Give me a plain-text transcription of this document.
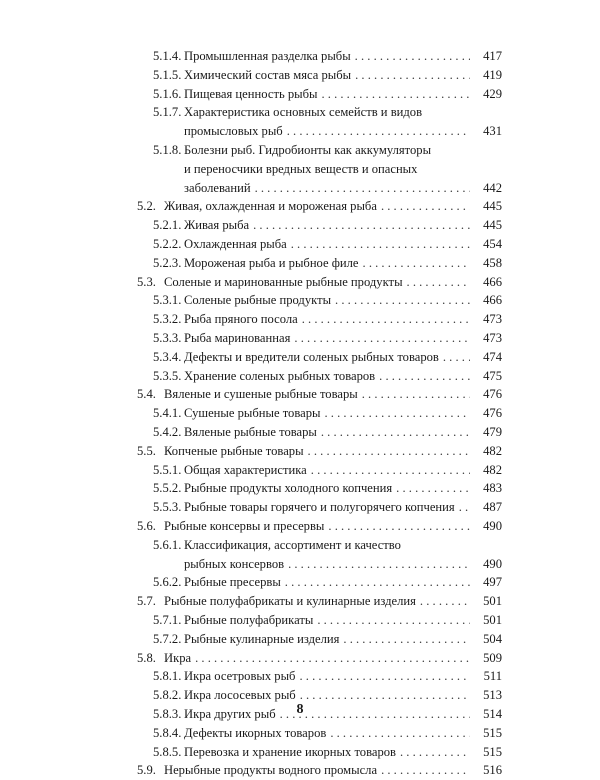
5.1.4. Промышленная разделка рыбы . . .	417
5.1.5. Химический состав мяса рыбы . . .	419
5.1.6. Пищевая ценность рыбы . . .	429
5.1.7. Характеристика основных семейств и видов
промысловых рыб . . .	431
5.1.8. Болезни рыб. Гидробионты как аккумуляторы
и переносчики вредных веществ и опасных
заболеваний . . .	442
5.2. Живая, охлажденная и мороженая рыба . . .	445
5.2.1. Живая рыба . . .	445
5.2.2. Охлажденная рыба . . .	454
5.2.3. Мороженая рыба и рыбное филе . . .	458
5.3. Соленые и маринованные рыбные продукты . . .	466
5.3.1. Соленые рыбные продукты . . .	466
5.3.2. Рыба пряного посола . . .	473
5.3.3. Рыба маринованная . . .	473
5.3.4. Дефекты и вредители соленых рыбных товаров . . .	474
5.3.5. Хранение соленых рыбных товаров . . .	475
5.4. Вяленые и сушеные рыбные товары . . .	476
5.4.1. Сушеные рыбные товары . . .	476
5.4.2. Вяленые рыбные товары . . .	479
5.5. Копченые рыбные товары . . .	482
5.5.1. Общая характеристика . . .	482
5.5.2. Рыбные продукты холодного копчения . . .	483
5.5.3. Рыбные товары горячего и полугорячего копчения . . .	487
5.6. Рыбные консервы и пресервы . . .	490
5.6.1. Классификация, ассортимент и качество
рыбных консервов . . .	490
5.6.2. Рыбные пресервы . . .	497
5.7. Рыбные полуфабрикаты и кулинарные изделия . . .	501
5.7.1. Рыбные полуфабрикаты . . .	501
5.7.2. Рыбные кулинарные изделия . . .	504
5.8. Икра . . .	509
5.8.1. Икра осетровых рыб . . .	511
5.8.2. Икра лососевых рыб . . .	513
5.8.3. Икра других рыб . . .	514
5.8.4. Дефекты икорных товаров . . .	515
5.8.5. Перевозка и хранение икорных товаров . . .	515
5.9. Нерыбные продукты водного промысла . . .	516
8
